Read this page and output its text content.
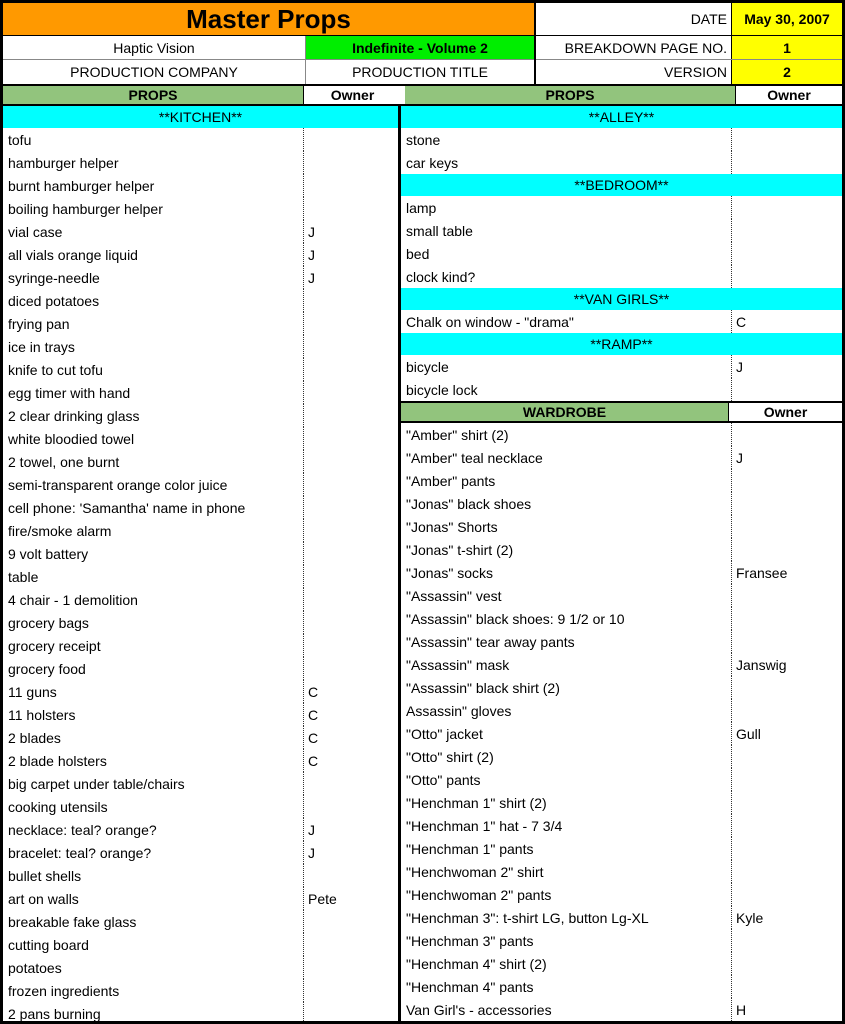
Master Props
Haptic Vision	Indefinite - Volume 2
PRODUCTION COMPANY	PRODUCTION TITLE
DATE	May 30, 2007
BREAKDOWN PAGE NO.	1
VERSION	2
PROPS	Owner	PROPS	Owner
**KITCHEN**
tofu
hamburger helper
burnt hamburger helper
boiling hamburger helper
vial case	J
all vials orange liquid	J
syringe-needle	J
diced potatoes
frying pan
ice in trays
knife to cut tofu
egg timer with hand
2 clear drinking glass
white bloodied towel
2 towel, one burnt
semi-transparent orange color juice
cell phone: 'Samantha' name in phone
fire/smoke alarm
9 volt battery
table
4 chair - 1 demolition
grocery bags
grocery receipt
grocery food
11 guns	C
11 holsters	C
2 blades	C
2 blade holsters	C
big carpet under table/chairs
cooking utensils
necklace: teal? orange?	J
bracelet: teal? orange?	J
bullet shells
art on walls	Pete
breakable fake glass
cutting board
potatoes
frozen ingredients
2 pans burning
**ALLEY**
stone
car keys
**BEDROOM**
lamp
small table
bed
clock kind?
**VAN GIRLS**
Chalk on window - "drama"	C
**RAMP**
bicycle	J
bicycle lock
WARDROBE	Owner
"Amber" shirt (2)
"Amber" teal necklace	J
"Amber" pants
"Jonas" black shoes
"Jonas" Shorts
"Jonas" t-shirt (2)
"Jonas" socks	Fransee
"Assassin" vest
"Assassin" black shoes: 9 1/2 or 10
"Assassin" tear away pants
"Assassin" mask	Janswig
"Assassin" black shirt (2)
Assassin" gloves
"Otto" jacket	Gull
"Otto" shirt (2)
"Otto" pants
"Henchman 1" shirt (2)
"Henchman 1" hat - 7 3/4
"Henchman 1" pants
"Henchwoman 2" shirt
"Henchwoman 2" pants
"Henchman 3": t-shirt LG, button Lg-XL	Kyle
"Henchman 3" pants
"Henchman 4" shirt (2)
"Henchman 4" pants
Van Girl's - accessories	H
